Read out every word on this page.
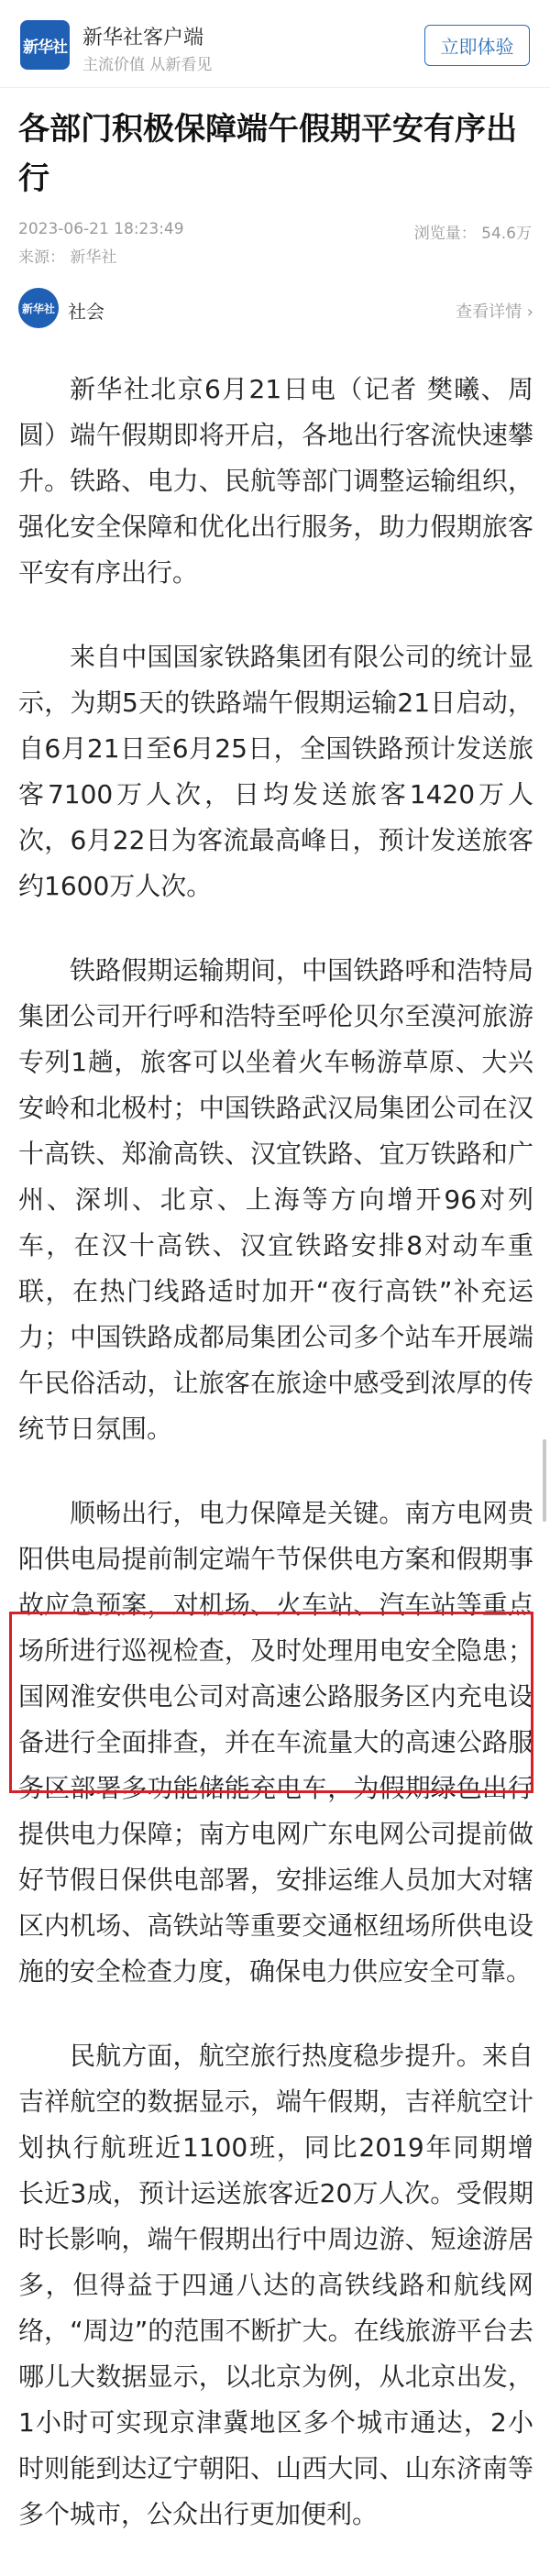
新华社 新华社客户端
主流价值 从新看见
立即体验
各部门积极保障端午假期平安有序出行
2023-06-21 18:23:49	浏览量： 54.6万
来源： 新华社
新华社 社会	查看详情 ›

新华社北京6月21日电（记者 樊曦、周圆）端午假期即将开启，各地出行客流快速攀升。铁路、电力、民航等部门调整运输组织，强化安全保障和优化出行服务，助力假期旅客平安有序出行。

来自中国国家铁路集团有限公司的统计显示，为期5天的铁路端午假期运输21日启动，自6月21日至6月25日，全国铁路预计发送旅客7100万人次，日均发送旅客1420万人次，6月22日为客流最高峰日，预计发送旅客约1600万人次。

铁路假期运输期间，中国铁路呼和浩特局集团公司开行呼和浩特至呼伦贝尔至漠河旅游专列1趟，旅客可以坐着火车畅游草原、大兴安岭和北极村；中国铁路武汉局集团公司在汉十高铁、郑渝高铁、汉宜铁路、宜万铁路和广州、深圳、北京、上海等方向增开96对列车，在汉十高铁、汉宜铁路安排8对动车重联，在热门线路适时加开“夜行高铁”补充运力；中国铁路成都局集团公司多个站车开展端午民俗活动，让旅客在旅途中感受到浓厚的传统节日氛围。

顺畅出行，电力保障是关键。南方电网贵阳供电局提前制定端午节保供电方案和假期事故应急预案，对机场、火车站、汽车站等重点场所进行巡视检查，及时处理用电安全隐患；国网淮安供电公司对高速公路服务区内充电设备进行全面排查，并在车流量大的高速公路服务区部署多功能储能充电车，为假期绿色出行提供电力保障；南方电网广东电网公司提前做好节假日保供电部署，安排运维人员加大对辖区内机场、高铁站等重要交通枢纽场所供电设施的安全检查力度，确保电力供应安全可靠。

民航方面，航空旅行热度稳步提升。来自吉祥航空的数据显示，端午假期，吉祥航空计划执行航班近1100班，同比2019年同期增长近3成，预计运送旅客近20万人次。受假期时长影响，端午假期出行中周边游、短途游居多，但得益于四通八达的高铁线路和航线网络，“周边”的范围不断扩大。在线旅游平台去哪儿大数据显示，以北京为例，从北京出发，1小时可实现京津冀地区多个城市通达，2小时则能到达辽宁朝阳、山西大同、山东济南等多个城市，公众出行更加便利。
